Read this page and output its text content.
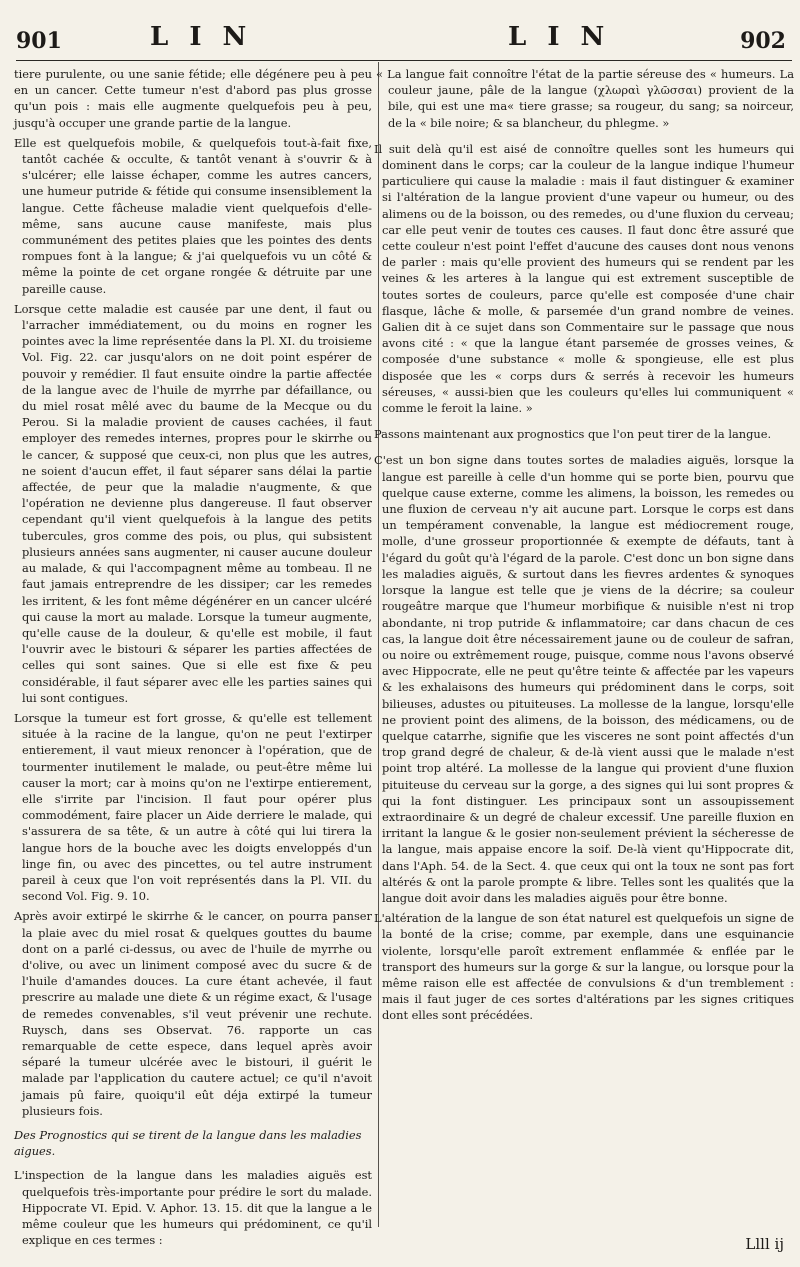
901	L I N	L I N	902

tiere purulente, ou une sanie fétide; elle dégénere peu à peu en un cancer. Cette tumeur n'est d'abord pas plus grosse qu'un pois : mais elle augmente quelquefois peu à peu, jusqu'à occuper une grande partie de la langue.

Elle est quelquefois mobile, & quelquefois tout-à-fait fixe, tantôt cachée & occulte, & tantôt venant à s'ouvrir & à s'ulcérer; elle laisse échaper, comme les autres cancers, une humeur putride & fétide qui consume insensiblement la langue. Cette fâcheuse maladie vient quelquefois d'elle-même, sans aucune cause manifeste, mais plus communément des petites plaies que les pointes des dents rompues font à la langue; & j'ai quelquefois vu un côté & même la pointe de cet organe rongée & détruite par une pareille cause.

Lorsque cette maladie est causée par une dent, il faut ou l'arracher immédiatement, ou du moins en rogner les pointes avec la lime représentée dans la Pl. XI. du troisieme Vol. Fig. 22. car jusqu'alors on ne doit point espérer de pouvoir y remédier. Il faut ensuite oindre la partie affectée de la langue avec de l'huile de myrrhe par défaillance, ou du miel rosat mêlé avec du baume de la Mecque ou du Perou. Si la maladie provient de causes cachées, il faut employer des remedes internes, propres pour le skirrhe ou le cancer, & supposé que ceux-ci, non plus que les autres, ne soient d'aucun effet, il faut séparer sans délai la partie affectée, de peur que la maladie n'augmente, & que l'opération ne devienne plus dangereuse. Il faut observer cependant qu'il vient quelquefois à la langue des petits tubercules, gros comme des pois, ou plus, qui subsistent plusieurs années sans augmenter, ni causer aucune douleur au malade, & qui l'accompagnent même au tombeau. Il ne faut jamais entreprendre de les dissiper; car les remedes les irritent, & les font même dégénérer en un cancer ulcéré qui cause la mort au malade. Lorsque la tumeur augmente, qu'elle cause de la douleur, & qu'elle est mobile, il faut l'ouvrir avec le bistouri & séparer les parties affectées de celles qui sont saines. Que si elle est fixe & peu considérable, il faut séparer avec elle les parties saines qui lui sont contigues.

Lorsque la tumeur est fort grosse, & qu'elle est tellement située à la racine de la langue, qu'on ne peut l'extirper entierement, il vaut mieux renoncer à l'opération, que de tourmenter inutilement le malade, ou peut-être même lui causer la mort; car à moins qu'on ne l'extirpe entierement, elle s'irrite par l'incision. Il faut pour opérer plus commodément, faire placer un Aide derriere le malade, qui s'assurera de sa tête, & un autre à côté qui lui tirera la langue hors de la bouche avec les doigts enveloppés d'un linge fin, ou avec des pincettes, ou tel autre instrument pareil à ceux que l'on voit représentés dans la Pl. VII. du second Vol. Fig. 9. 10.

Après avoir extirpé le skirrhe & le cancer, on pourra panser la plaie avec du miel rosat & quelques gouttes du baume dont on a parlé ci-dessus, ou avec de l'huile de myrrhe ou d'olive, ou avec un liniment composé avec du sucre & de l'huile d'amandes douces. La cure étant achevée, il faut prescrire au malade une diete & un régime exact, & l'usage de remedes convenables, s'il veut prévenir une rechute. Ruysch, dans ses Observat. 76. rapporte un cas remarquable de cette espece, dans lequel après avoir séparé la tumeur ulcérée avec le bistouri, il guérit le malade par l'application du cautere actuel; ce qu'il n'avoit jamais pû faire, quoiqu'il eût déja extirpé la tumeur plusieurs fois.

Des Prognostics qui se tirent de la langue dans les maladies aigues.

L'inspection de la langue dans les maladies aiguës est quelquefois très-importante pour prédire le sort du malade. Hippocrate VI. Epid. V. Aphor. 13. 15. dit que la langue a le même couleur que les humeurs qui prédominent, ce qu'il explique en ces termes :

« La langue fait connoître l'état de la partie séreuse des « humeurs. La couleur jaune, pâle de la langue (χλωραὶ γλῶσσαι) provient de la bile, qui est une ma« tiere grasse; sa rougeur, du sang; sa noirceur, de la « bile noire; & sa blancheur, du phlegme. »

Il suit delà qu'il est aisé de connoître quelles sont les humeurs qui dominent dans le corps; car la couleur de la langue indique l'humeur particuliere qui cause la maladie : mais il faut distinguer & examiner si l'altération de la langue provient d'une vapeur ou humeur, ou des alimens ou de la boisson, ou des remedes, ou d'une fluxion du cerveau; car elle peut venir de toutes ces causes. Il faut donc être assuré que cette couleur n'est point l'effet d'aucune des causes dont nous venons de parler : mais qu'elle provient des humeurs qui se rendent par les veines & les arteres à la langue qui est extrement susceptible de toutes sortes de couleurs, parce qu'elle est composée d'une chair flasque, lâche & molle, & parsemée d'un grand nombre de veines. Galien dit à ce sujet dans son Commentaire sur le passage que nous avons cité : « que la langue étant parsemée de grosses veines, & composée d'une substance « molle & spongieuse, elle est plus disposée que les « corps durs & serrés à recevoir les humeurs séreuses, « aussi-bien que les couleurs qu'elles lui communiquent « comme le feroit la laine. »

Passons maintenant aux prognostics que l'on peut tirer de la langue.

C'est un bon signe dans toutes sortes de maladies aiguës, lorsque la langue est pareille à celle d'un homme qui se porte bien, pourvu que quelque cause externe, comme les alimens, la boisson, les remedes ou une fluxion de cerveau n'y ait aucune part. Lorsque le corps est dans un tempérament convenable, la langue est médiocrement rouge, molle, d'une grosseur proportionnée & exempte de défauts, tant à l'égard du goût qu'à l'égard de la parole. C'est donc un bon signe dans les maladies aiguës, & surtout dans les fievres ardentes & synoques lorsque la langue est telle que je viens de la décrire; sa couleur rougeâtre marque que l'humeur morbifique & nuisible n'est ni trop abondante, ni trop putride & inflammatoire; car dans chacun de ces cas, la langue doit être nécessairement jaune ou de couleur de safran, ou noire ou extrêmement rouge, puisque, comme nous l'avons observé avec Hippocrate, elle ne peut qu'être teinte & affectée par les vapeurs & les exhalaisons des humeurs qui prédominent dans le corps, soit bilieuses, adustes ou pituiteuses. La mollesse de la langue, lorsqu'elle ne provient point des alimens, de la boisson, des médicamens, ou de quelque catarrhe, signifie que les visceres ne sont point affectés d'un trop grand degré de chaleur, & de-là vient aussi que le malade n'est point trop altéré. La mollesse de la langue qui provient d'une fluxion pituiteuse du cerveau sur la gorge, a des signes qui lui sont propres & qui la font distinguer. Les principaux sont un assoupissement extraordinaire & un degré de chaleur excessif. Une pareille fluxion en irritant la langue & le gosier non-seulement prévient la sécheresse de la langue, mais appaise encore la soif. De-là vient qu'Hippocrate dit, dans l'Aph. 54. de la Sect. 4. que ceux qui ont la toux ne sont pas fort altérés & ont la parole prompte & libre. Telles sont les qualités que la langue doit avoir dans les maladies aiguës pour être bonne.

L'altération de la langue de son état naturel est quelquefois un signe de la bonté de la crise; comme, par exemple, dans une esquinancie violente, lorsqu'elle paroît extrement enflammée & enflée par le transport des humeurs sur la gorge & sur la langue, ou lorsque pour la même raison elle est affectée de convulsions & d'un tremblement : mais il faut juger de ces sortes d'altérations par les signes critiques dont elles sont précédées.

Llll ij
